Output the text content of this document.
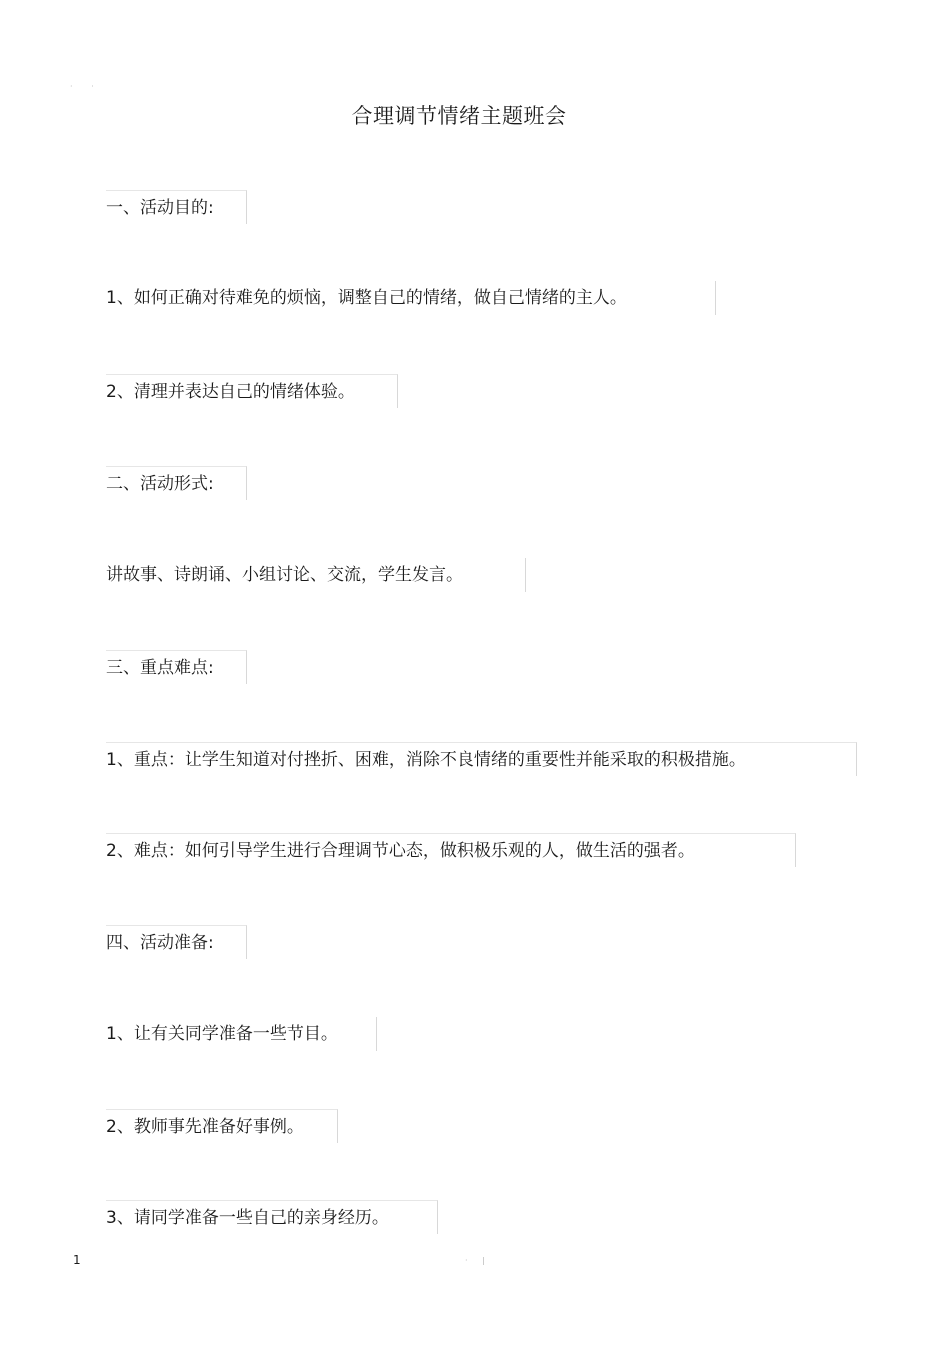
· ·
合理调节情绪主题班会
一、活动目的:
1、如何正确对待难免的烦恼，调整自己的情绪，做自己情绪的主人。
2、清理并表达自己的情绪体验。
二、活动形式:
讲故事、诗朗诵、小组讨论、交流，学生发言。
三、重点难点:
1、重点：让学生知道对付挫折、困难，消除不良情绪的重要性并能采取的积极措施。
2、难点：如何引导学生进行合理调节心态，做积极乐观的人，做生活的强者。
四、活动准备:
1、让有关同学准备一些节目。
2、教师事先准备好事例。
3、请同学准备一些自己的亲身经历。
1	· |
